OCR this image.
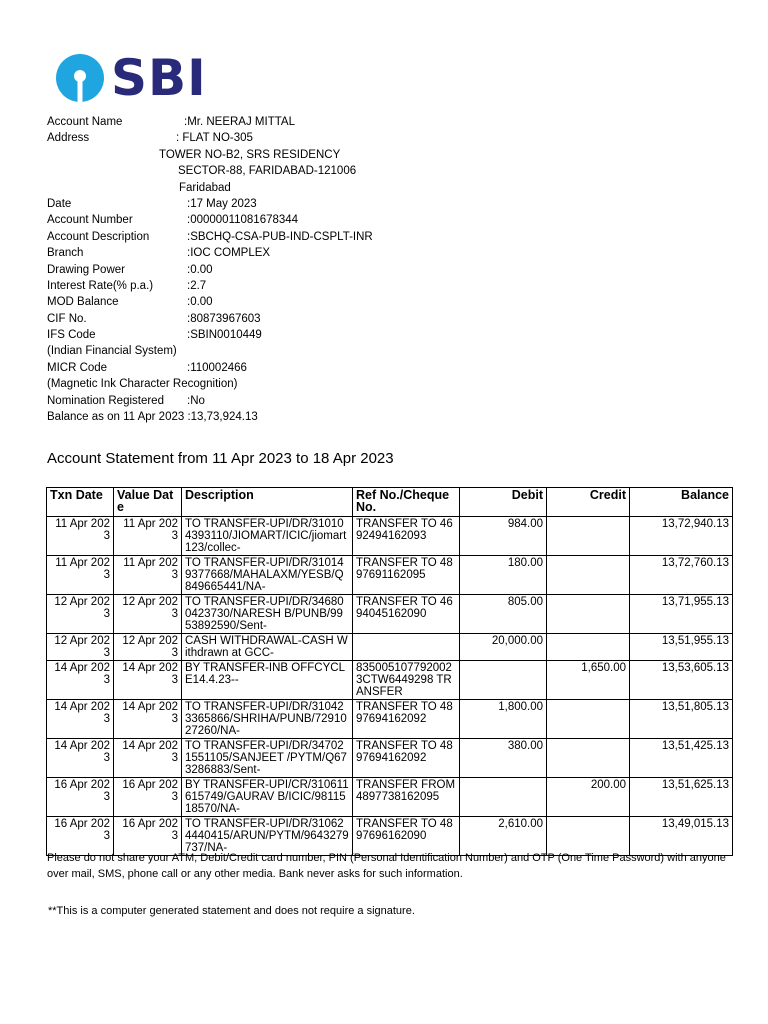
SBI
Account Name	:Mr. NEERAJ MITTAL
Address	: FLAT NO-305
TOWER NO-B2, SRS RESIDENCY
SECTOR-88, FARIDABAD-121006
Faridabad
Date	:17 May 2023
Account Number	:00000011081678344
Account Description	:SBCHQ-CSA-PUB-IND-CSPLT-INR
Branch	:IOC COMPLEX
Drawing Power	:0.00
Interest Rate(% p.a.)	:2.7
MOD Balance	:0.00
CIF No.	:80873967603
IFS Code	:SBIN0010449
(Indian Financial System)
MICR Code	:110002466
(Magnetic Ink Character Recognition)
Nomination Registered :No
Balance as on 11 Apr 2023 :13,73,924.13
Account Statement from 11 Apr 2023 to 18 Apr 2023
Txn Date	Value Date	Description	Ref No./Cheque No.	Debit	Credit	Balance
11 Apr 2023	11 Apr 2023	TO TRANSFER-UPI/DR/310104393110/JIOMART/ICIC/jiomart123/collec-	TRANSFER TO 4692494162093	984.00		13,72,940.13
11 Apr 2023	11 Apr 2023	TO TRANSFER-UPI/DR/310149377668/MAHALAXM/YESB/Q849665441/NA-	TRANSFER TO 4897691162095	180.00		13,72,760.13
12 Apr 2023	12 Apr 2023	TO TRANSFER-UPI/DR/346800423730/NARESH B/PUNB/9953892590/Sent-	TRANSFER TO 4694045162090	805.00		13,71,955.13
12 Apr 2023	12 Apr 2023	CASH WITHDRAWAL-CASH Withdrawn at GCC-		20,000.00		13,51,955.13
14 Apr 2023	14 Apr 2023	BY TRANSFER-INB OFFCYCLE14.4.23--	8350051077920023CTW6449298 TRANSFER		1,650.00	13,53,605.13
14 Apr 2023	14 Apr 2023	TO TRANSFER-UPI/DR/310423365866/SHRIHA/PUNB/7291027260/NA-	TRANSFER TO 4897694162092	1,800.00		13,51,805.13
14 Apr 2023	14 Apr 2023	TO TRANSFER-UPI/DR/347021551105/SANJEET /PYTM/Q673286883/Sent-	TRANSFER TO 4897694162092	380.00		13,51,425.13
16 Apr 2023	16 Apr 2023	BY TRANSFER-UPI/CR/310611615749/GAURAV B/ICIC/9811518570/NA-	TRANSFER FROM 4897738162095		200.00	13,51,625.13
16 Apr 2023	16 Apr 2023	TO TRANSFER-UPI/DR/310624440415/ARUN/PYTM/9643279737/NA-	TRANSFER TO 4897696162090	2,610.00		13,49,015.13
Please do not share your ATM, Debit/Credit card number, PIN (Personal Identification Number) and OTP (One Time Password) with anyone over mail, SMS, phone call or any other media. Bank never asks for such information.
**This is a computer generated statement and does not require a signature.
